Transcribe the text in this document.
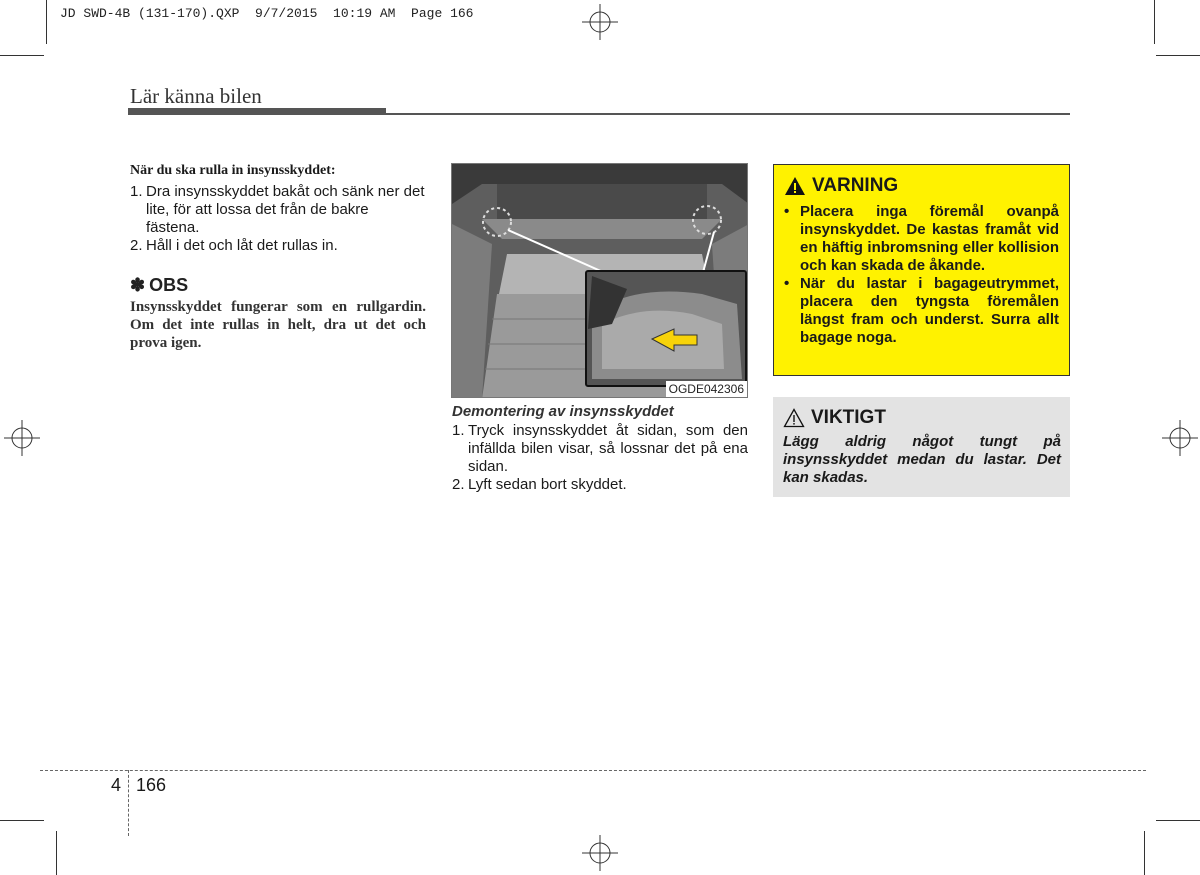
JD SWD-4B (131-170).QXP  9/7/2015  10:19 AM  Page 166
Lär känna bilen
När du ska rulla in insynsskyddet:
1. Dra insynsskyddet bakåt och sänk ner det lite, för att lossa det från de bakre fästena.
2. Håll i det och låt det rullas in.
✽ OBS
Insynsskyddet fungerar som en rullgardin. Om det inte rullas in helt, dra ut det och prova igen.
OGDE042306
Demontering av insynsskyddet
1. Tryck insynsskyddet åt sidan, som den infällda bilen visar, så lossnar det på ena sidan.
2. Lyft sedan bort skyddet.
VARNING
• Placera inga föremål ovanpå insynskyddet. De kastas framåt vid en häftig inbromsning eller kollision och kan skada de åkande.
• När du lastar i bagageutrymmet, placera den tyngsta föremålen längst fram och underst. Surra allt bagage noga.
VIKTIGT
Lägg aldrig något tungt på insynsskyddet medan du lastar. Det kan skadas.
4 166
